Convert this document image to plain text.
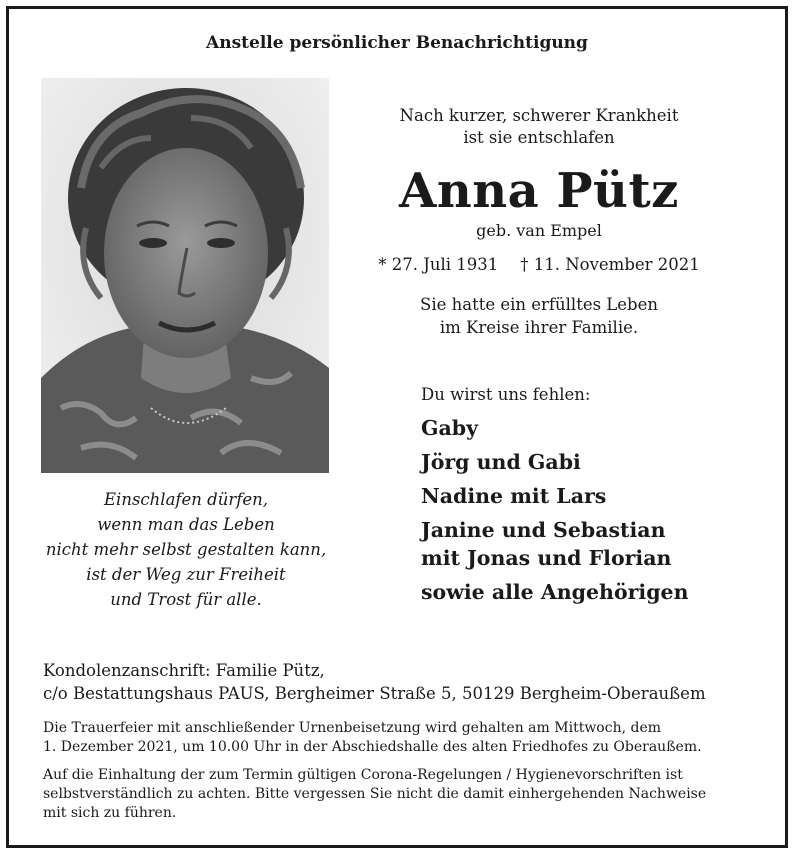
Anstelle persönlicher Benachrichtigung
Einschlafen dürfen,
wenn man das Leben
nicht mehr selbst gestalten kann,
ist der Weg zur Freiheit
und Trost für alle.
Nach kurzer, schwerer Krankheit
ist sie entschlafen
Anna Pütz
geb. van Empel
* 27. Juli 1931 † 11. November 2021
Sie hatte ein erfülltes Leben
im Kreise ihrer Familie.
Du wirst uns fehlen:
Gaby
Jörg und Gabi
Nadine mit Lars
Janine und Sebastian
mit Jonas und Florian
sowie alle Angehörigen
Kondolenzanschrift: Familie Pütz,
c/o Bestattungshaus PAUS, Bergheimer Straße 5, 50129 Bergheim-Oberaußem
Die Trauerfeier mit anschließender Urnenbeisetzung wird gehalten am Mittwoch, dem
1. Dezember 2021, um 10.00 Uhr in der Abschiedshalle des alten Friedhofes zu Oberaußem.
Auf die Einhaltung der zum Termin gültigen Corona-Regelungen / Hygienevorschriften ist
selbstverständlich zu achten. Bitte vergessen Sie nicht die damit einhergehenden Nachweise
mit sich zu führen.
